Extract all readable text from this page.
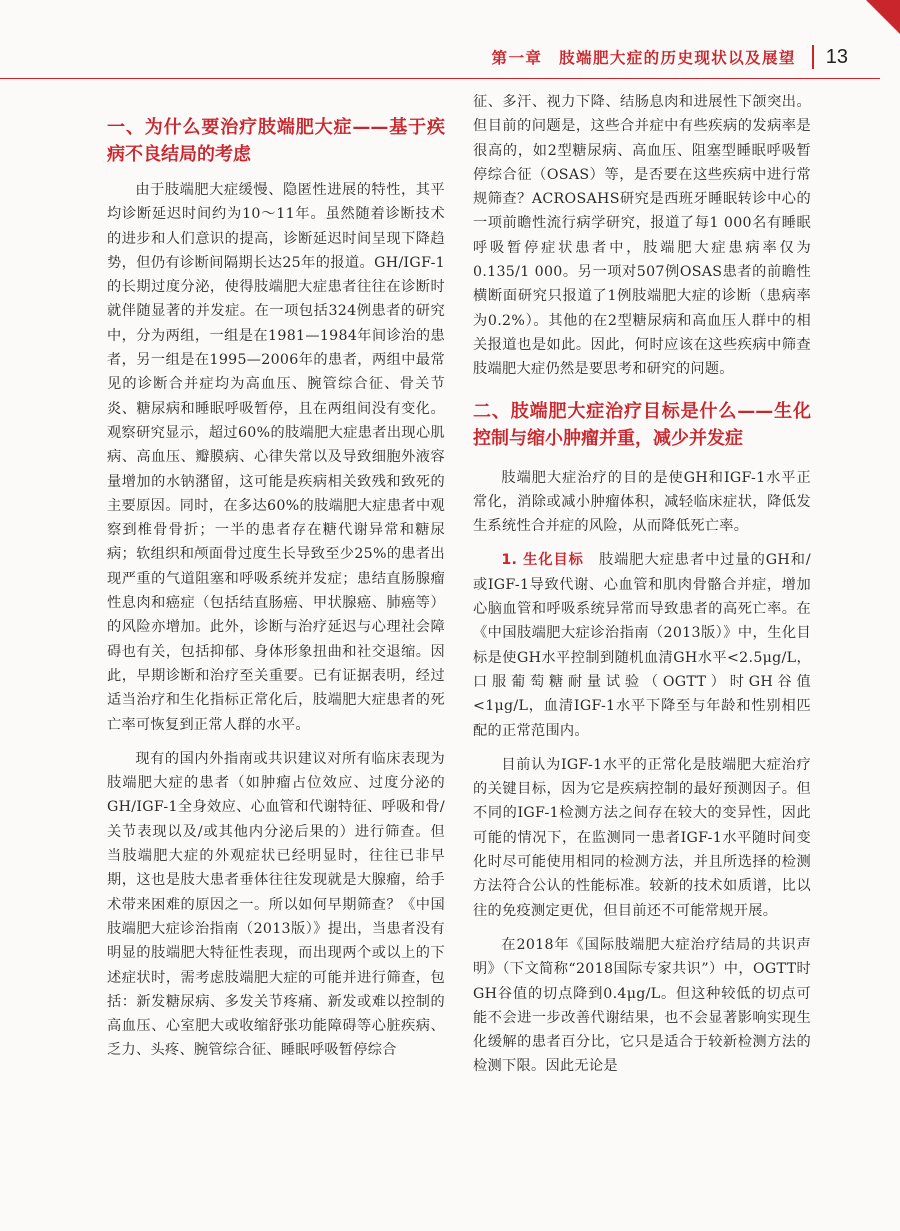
第一章　肢端肥大症的历史现状以及展望 13
一、为什么要治疗肢端肥大症——基于疾病不良结局的考虑

由于肢端肥大症缓慢、隐匿性进展的特性，其平均诊断延迟时间约为10～11年。虽然随着诊断技术的进步和人们意识的提高，诊断延迟时间呈现下降趋势，但仍有诊断间隔期长达25年的报道。GH/IGF-1的长期过度分泌，使得肢端肥大症患者往往在诊断时就伴随显著的并发症。在一项包括324例患者的研究中，分为两组，一组是在1981—1984年间诊治的患者，另一组是在1995—2006年的患者，两组中最常见的诊断合并症均为高血压、腕管综合征、骨关节炎、糖尿病和睡眠呼吸暂停，且在两组间没有变化。观察研究显示，超过60%的肢端肥大症患者出现心肌病、高血压、瓣膜病、心律失常以及导致细胞外液容量增加的水钠潴留，这可能是疾病相关致残和致死的主要原因。同时，在多达60%的肢端肥大症患者中观察到椎骨骨折；一半的患者存在糖代谢异常和糖尿病；软组织和颅面骨过度生长导致至少25%的患者出现严重的气道阻塞和呼吸系统并发症；患结直肠腺瘤性息肉和癌症（包括结直肠癌、甲状腺癌、肺癌等）的风险亦增加。此外，诊断与治疗延迟与心理社会障碍也有关，包括抑郁、身体形象扭曲和社交退缩。因此，早期诊断和治疗至关重要。已有证据表明，经过适当治疗和生化指标正常化后，肢端肥大症患者的死亡率可恢复到正常人群的水平。

现有的国内外指南或共识建议对所有临床表现为肢端肥大症的患者（如肿瘤占位效应、过度分泌的GH/IGF-1全身效应、心血管和代谢特征、呼吸和骨/关节表现以及/或其他内分泌后果的）进行筛查。但当肢端肥大症的外观症状已经明显时，往往已非早期，这也是肢大患者垂体往往发现就是大腺瘤，给手术带来困难的原因之一。所以如何早期筛查？《中国肢端肥大症诊治指南（2013版）》提出，当患者没有明显的肢端肥大特征性表现，而出现两个或以上的下述症状时，需考虑肢端肥大症的可能并进行筛查，包括：新发糖尿病、多发关节疼痛、新发或难以控制的高血压、心室肥大或收缩舒张功能障碍等心脏疾病、乏力、头疼、腕管综合征、睡眠呼吸暂停综合

征、多汗、视力下降、结肠息肉和进展性下颌突出。但目前的问题是，这些合并症中有些疾病的发病率是很高的，如2型糖尿病、高血压、阻塞型睡眠呼吸暂停综合征（OSAS）等，是否要在这些疾病中进行常规筛查？ACROSAHS研究是西班牙睡眠转诊中心的一项前瞻性流行病学研究，报道了每1 000名有睡眠呼吸暂停症状患者中，肢端肥大症患病率仅为0.135/1 000。另一项对507例OSAS患者的前瞻性横断面研究只报道了1例肢端肥大症的诊断（患病率为0.2%）。其他的在2型糖尿病和高血压人群中的相关报道也是如此。因此，何时应该在这些疾病中筛查肢端肥大症仍然是要思考和研究的问题。

二、肢端肥大症治疗目标是什么——生化控制与缩小肿瘤并重，减少并发症

肢端肥大症治疗的目的是使GH和IGF-1水平正常化，消除或减小肿瘤体积，减轻临床症状，降低发生系统性合并症的风险，从而降低死亡率。

1. 生化目标　 肢端肥大症患者中过量的GH和/或IGF-1导致代谢、心血管和肌肉骨骼合并症，增加心脑血管和呼吸系统异常而导致患者的高死亡率。在《中国肢端肥大症诊治指南（2013版）》中，生化目标是使GH水平控制到随机血清GH水平<2.5μg/L，口服葡萄糖耐量试验（OGTT）时GH谷值<1μg/L，血清IGF-1水平下降至与年龄和性别相匹配的正常范围内。

目前认为IGF-1水平的正常化是肢端肥大症治疗的关键目标，因为它是疾病控制的最好预测因子。但不同的IGF-1检测方法之间存在较大的变异性，因此可能的情况下，在监测同一患者IGF-1水平随时间变化时尽可能使用相同的检测方法，并且所选择的检测方法符合公认的性能标准。较新的技术如质谱，比以往的免疫测定更优，但目前还不可能常规开展。

在2018年《国际肢端肥大症治疗结局的共识声明》（下文简称“2018国际专家共识”）中，OGTT时GH谷值的切点降到0.4μg/L。但这种较低的切点可能不会进一步改善代谢结果，也不会显著影响实现生化缓解的患者百分比，它只是适合于较新检测方法的检测下限。因此无论是
